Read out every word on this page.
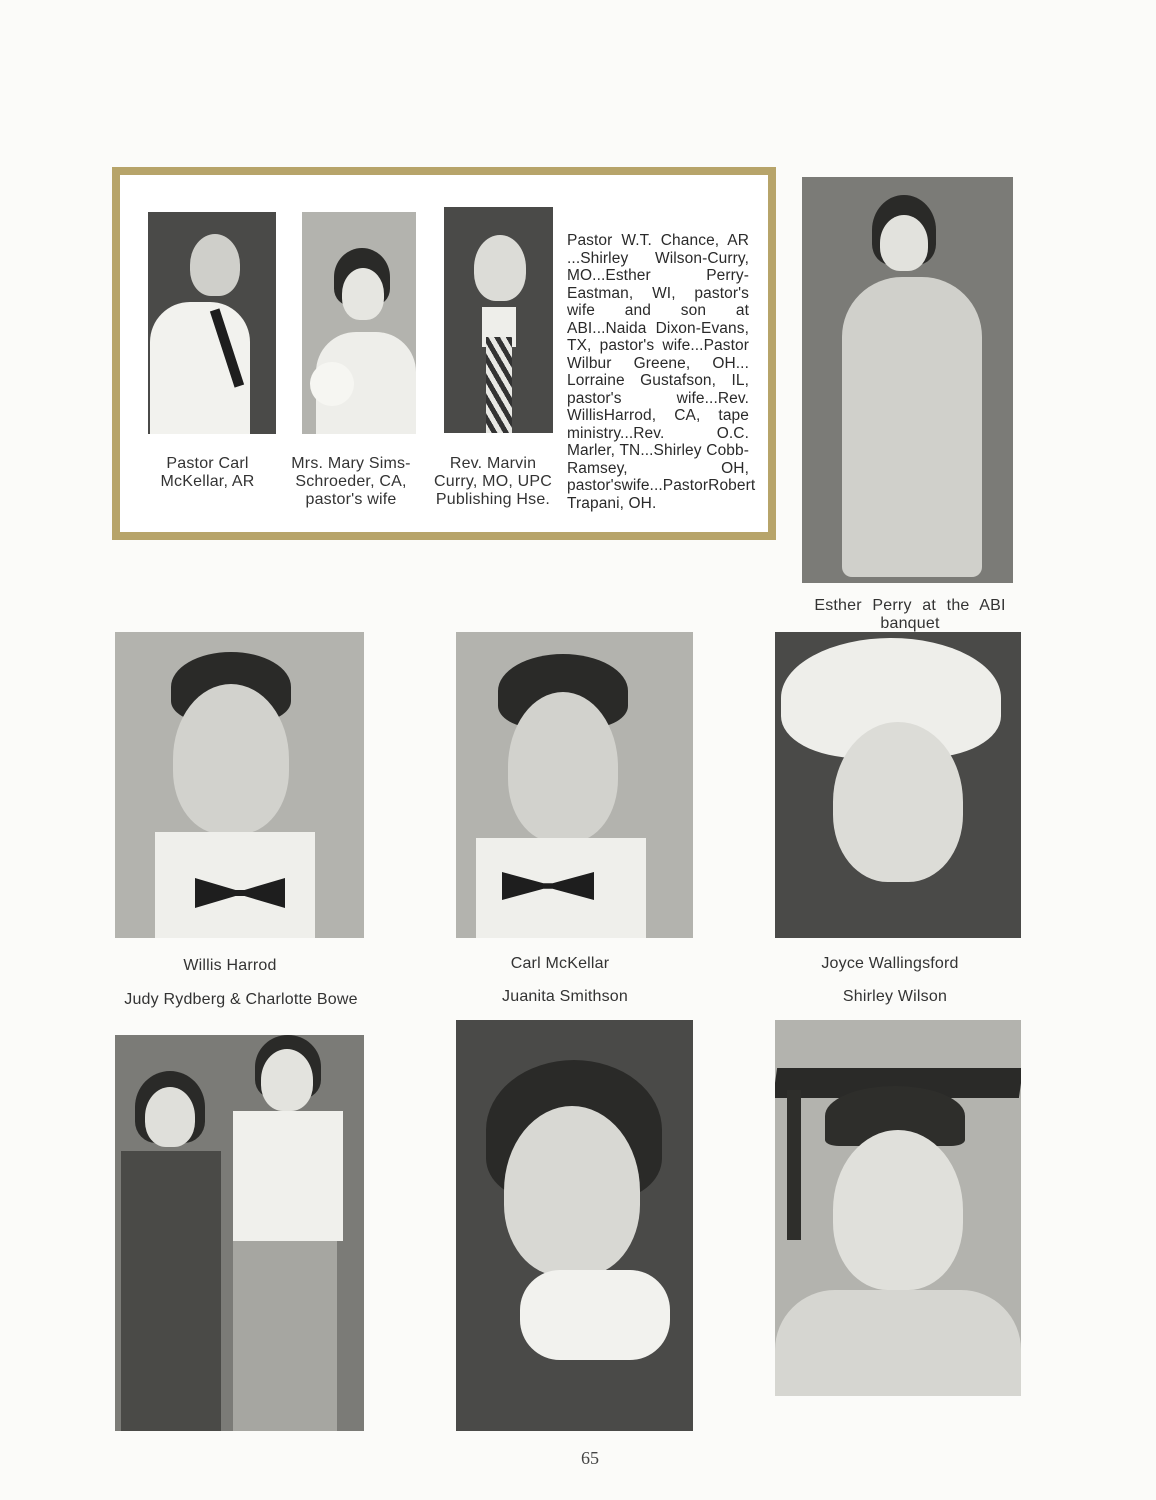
Pastor Carl
McKellar, AR
Mrs. Mary Sims-
Schroeder, CA,
pastor's wife
Rev. Marvin
Curry, MO, UPC
Publishing Hse.
Pastor W.T. Chance, AR ...Shirley Wilson-Curry, MO...Esther Perry-Eastman, WI, pastor's wife and son at ABI...Naida Dixon-Evans, TX, pastor's wife...Pastor Wilbur Greene, OH... Lorraine Gustafson, IL, pastor's wife...Rev. WillisHarrod, CA, tape ministry...Rev. O.C. Marler, TN...Shirley Cobb-Ramsey, OH, pastor'swife...PastorRobert Trapani, OH.
Esther Perry at the ABI
banquet
Willis Harrod	Carl McKellar	Joyce Wallingsford
Judy Rydberg & Charlotte Bowe	Juanita Smithson	Shirley Wilson
65
